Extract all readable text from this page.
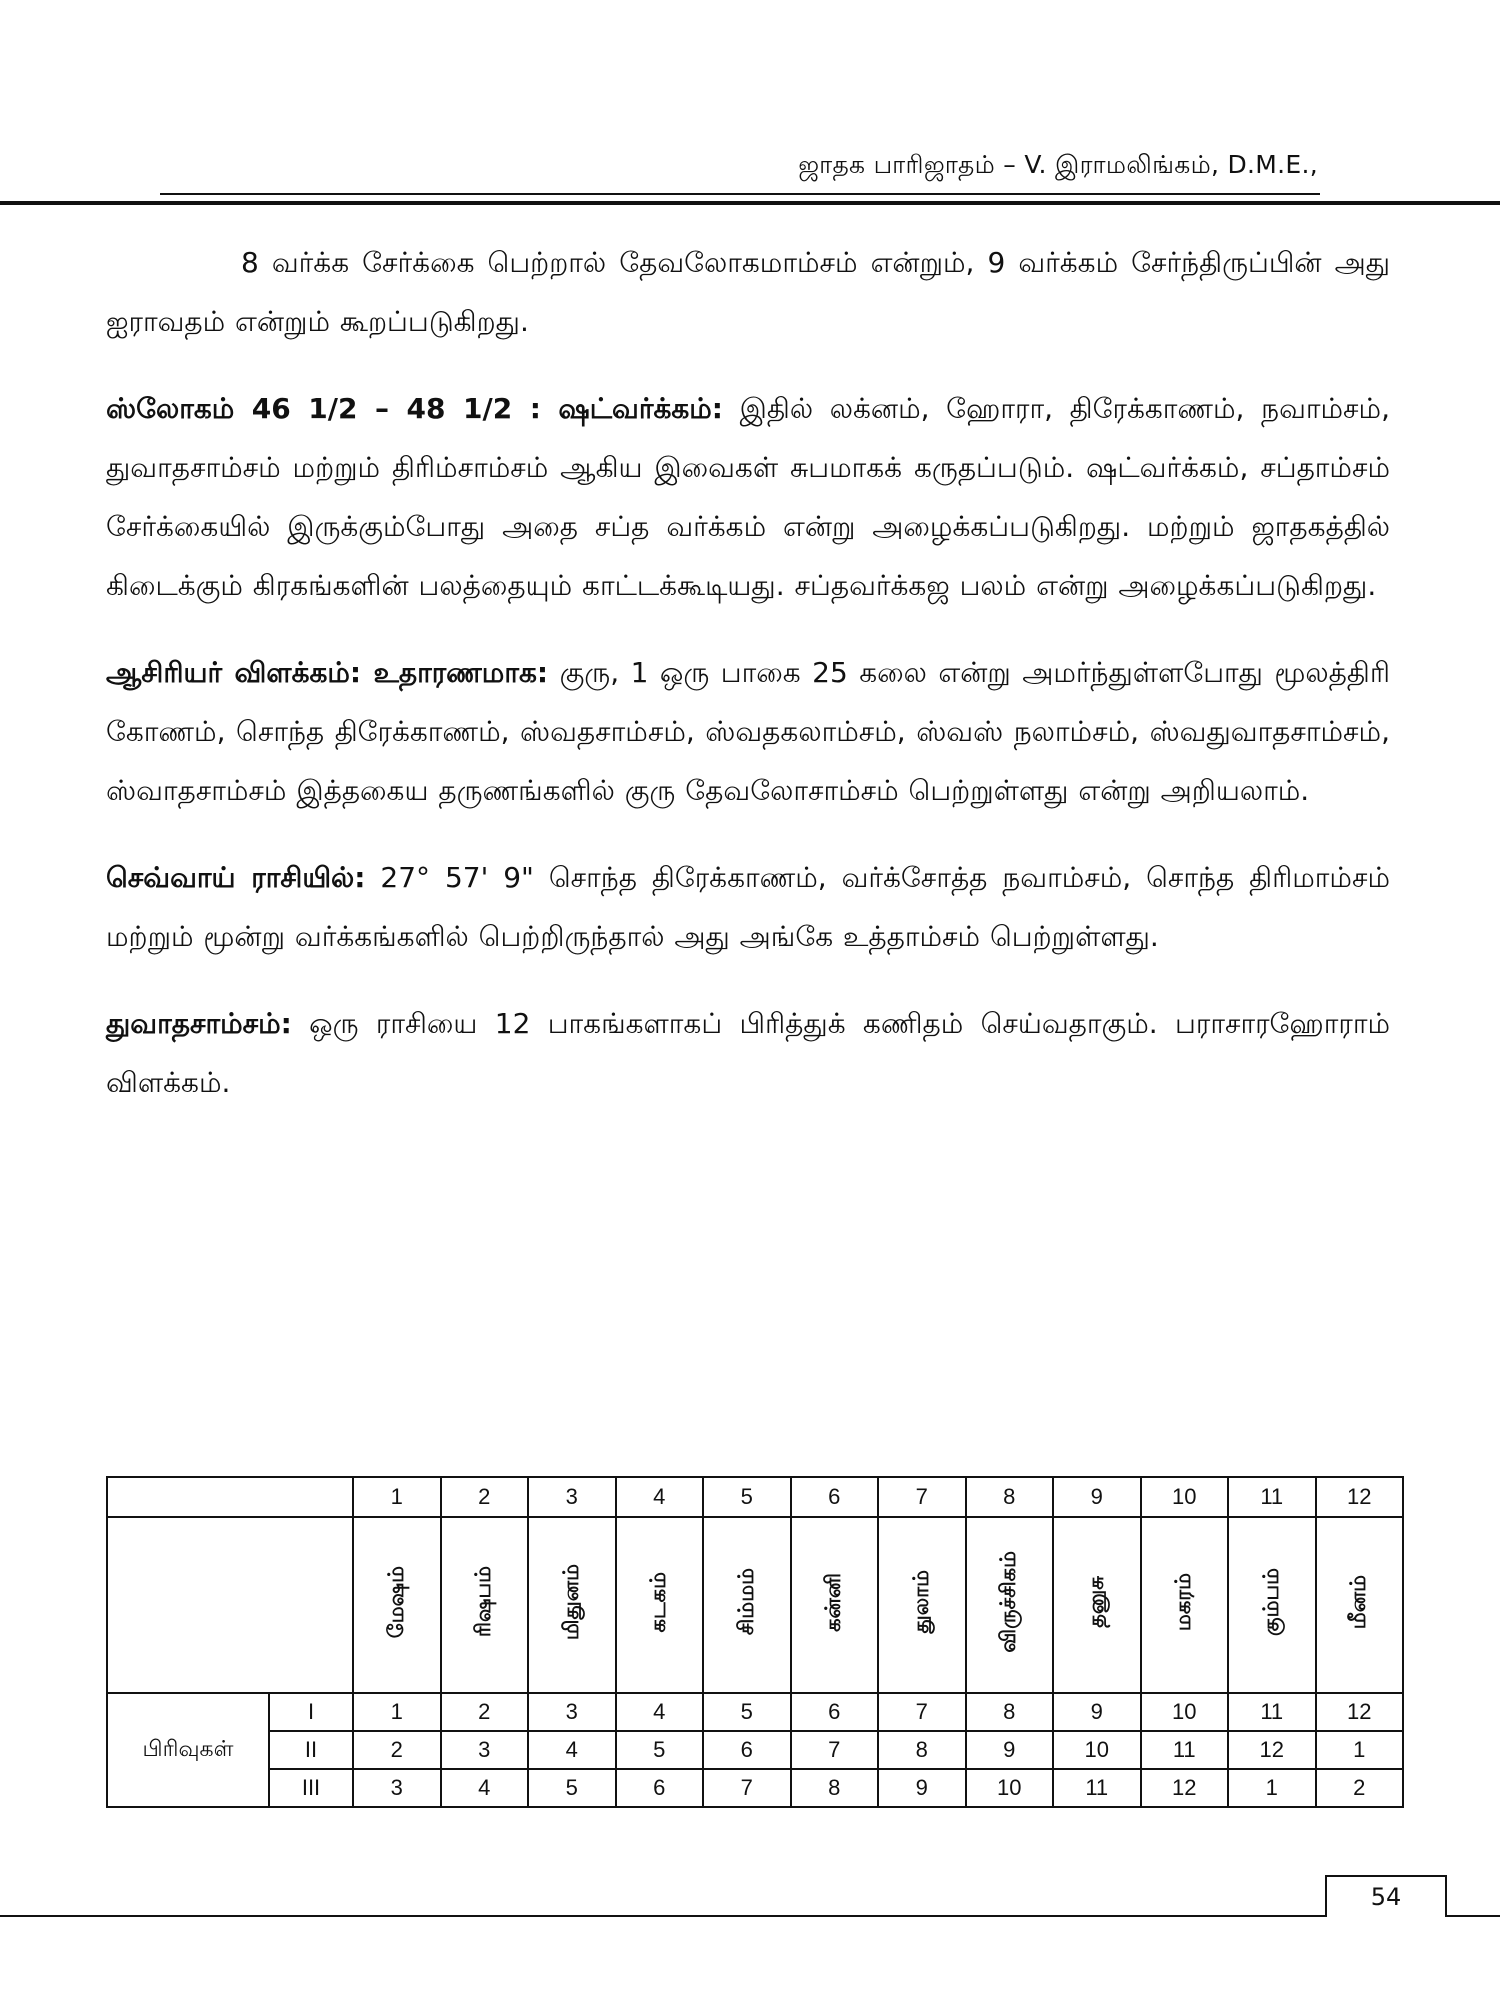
ஜாதக பாரிஜாதம் – V. இராமலிங்கம், D.M.E.,

8 வர்க்க சேர்க்கை பெற்றால் தேவலோகமாம்சம் என்றும், 9 வர்க்கம் சேர்ந்திருப்பின் அது ஐராவதம் என்றும் கூறப்படுகிறது.

ஸ்லோகம் 46 1/2 – 48 1/2 : ஷட்வர்க்கம்: இதில் லக்னம், ஹோரா, திரேக்காணம், நவாம்சம், துவாதசாம்சம் மற்றும் திரிம்சாம்சம் ஆகிய இவைகள் சுபமாகக் கருதப்படும். ஷட்வர்க்கம், சப்தாம்சம் சேர்க்கையில் இருக்கும்போது அதை சப்த வர்க்கம் என்று அழைக்கப்படுகிறது. மற்றும் ஜாதகத்தில் கிடைக்கும் கிரகங்களின் பலத்தையும் காட்டக்கூடியது. சப்தவர்க்கஜ பலம் என்று அழைக்கப்படுகிறது.

ஆசிரியர் விளக்கம்: உதாரணமாக: குரு, 1 ஒரு பாகை 25 கலை என்று அமர்ந்துள்ளபோது மூலத்திரி கோணம், சொந்த திரேக்காணம், ஸ்வதசாம்சம், ஸ்வதகலாம்சம், ஸ்வஸ் நலாம்சம், ஸ்வதுவாதசாம்சம், ஸ்வாதசாம்சம் இத்தகைய தருணங்களில் குரு தேவலோசாம்சம் பெற்றுள்ளது என்று அறியலாம்.

செவ்வாய் ராசியில்: 27° 57' 9" சொந்த திரேக்காணம், வர்க்சோத்த நவாம்சம், சொந்த திரிமாம்சம் மற்றும் மூன்று வர்க்கங்களில் பெற்றிருந்தால் அது அங்கே உத்தாம்சம் பெற்றுள்ளது.

துவாதசாம்சம்: ஒரு ராசியை 12 பாகங்களாகப் பிரித்துக் கணிதம் செய்வதாகும். பராசாரஹோராம் விளக்கம்.

		1	2	3	4	5	6	7	8	9	10	11	12
		மேஷம்	ரிஷபம்	மிதுனம்	கடகம்	சிம்மம்	கன்னி	துலாம்	விருச்சிகம்	தனுசு	மகரம்	கும்பம்	மீனம்
பிரிவுகள்	I	1	2	3	4	5	6	7	8	9	10	11	12
	II	2	3	4	5	6	7	8	9	10	11	12	1
	III	3	4	5	6	7	8	9	10	11	12	1	2
54
